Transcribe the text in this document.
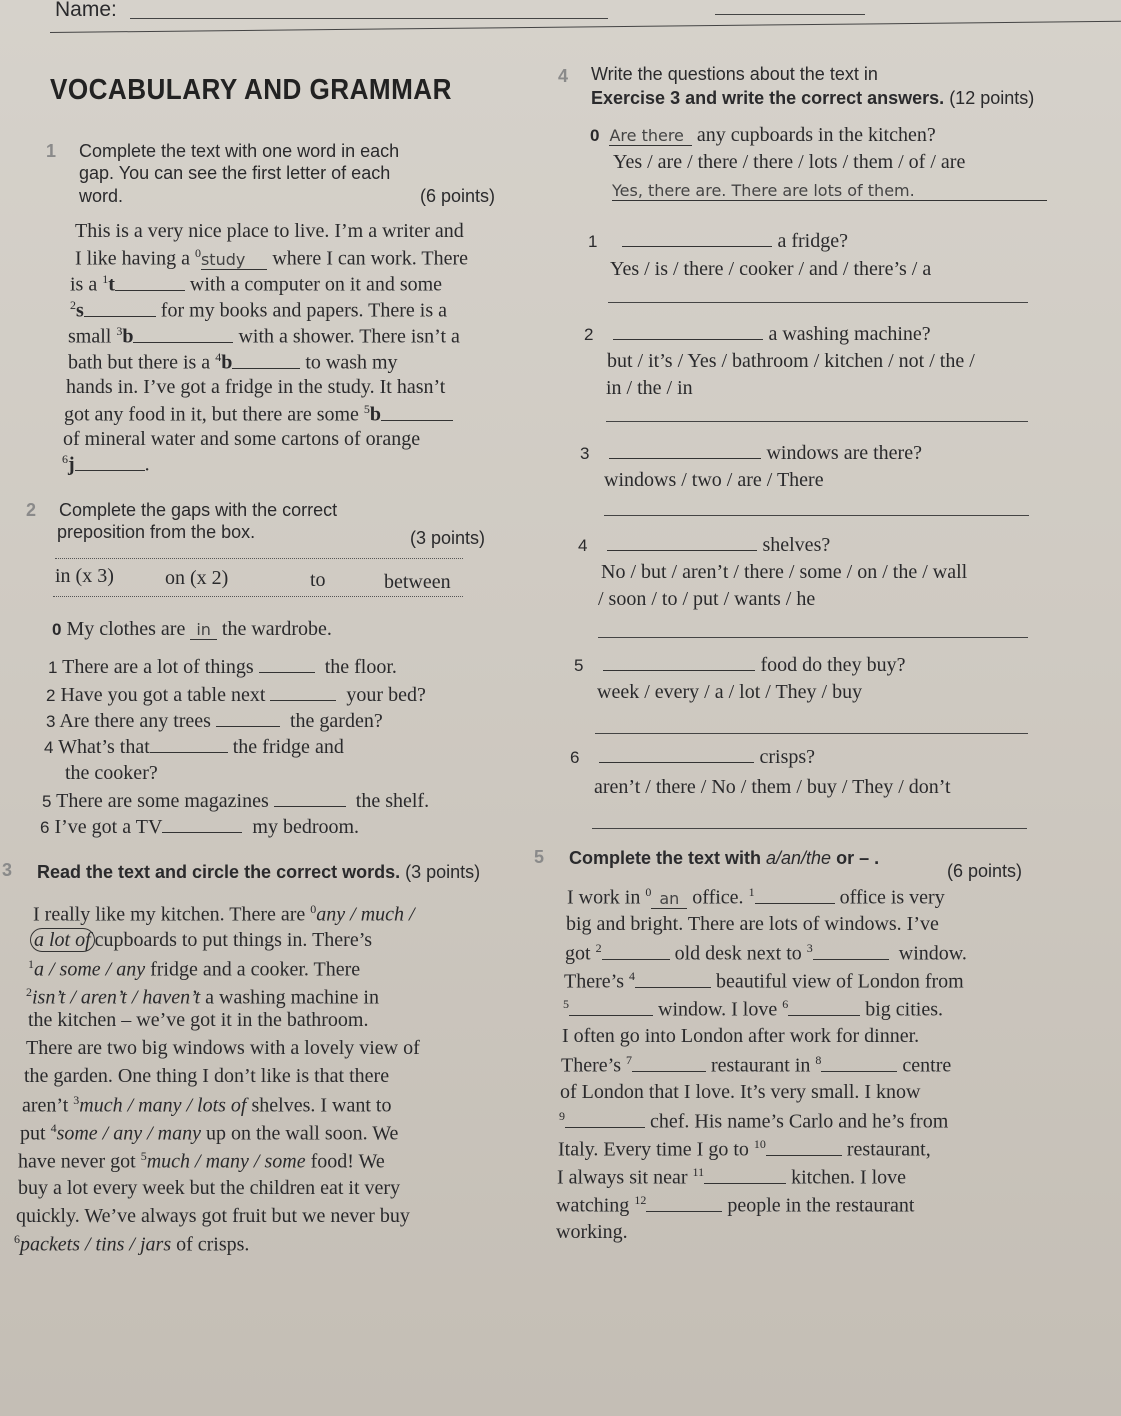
Name:
VOCABULARY AND GRAMMAR
1 Complete the text with one word in each
gap. You can see the first letter of each
word.	(6 points)
This is a very nice place to live. I’m a writer and
I like having a $^0$study where I can work. There
is a $^1$t	with a computer on it and some
$^2$s	for my books and papers. There is a
small $^3$b	with a shower. There isn’t a
bath but there is a $^4$b	to wash my
hands in. I’ve got a fridge in the study. It hasn’t
got any food in it, but there are some $^5$b
of mineral water and some cartons of orange
$^6$j	.
2 Complete the gaps with the correct
preposition from the box.	(3 points)
in (x 3)	on (x 2)	to	between
0 My clothes are in the wardrobe.
1 There are a lot of things	the floor.
2 Have you got a table next	your bed?
3 Are there any trees	the garden?
4 What’s that	the fridge and
the cooker?
5 There are some magazines	the shelf.
6 I’ve got a TV	my bedroom.
3 Read the text and circle the correct words. (3 points)
I really like my kitchen. There are $^0$any / much /
a lot of cupboards to put things in. There’s
$^1$a / some / any fridge and a cooker. There
$^2$isn’t / aren’t / haven’t a washing machine in
the kitchen – we’ve got it in the bathroom.
There are two big windows with a lovely view of
the garden. One thing I don’t like is that there
aren’t $^3$much / many / lots of shelves. I want to
put $^4$some / any / many up on the wall soon. We
have never got $^5$much / many / some food! We
buy a lot every week but the children eat it very
quickly. We’ve always got fruit but we never buy
$^6$packets / tins / jars of crisps.
4 Write the questions about the text in
Exercise 3 and write the correct answers. (12 points)
0 Are there any cupboards in the kitchen?
Yes / are / there / there / lots / them / of / are
Yes, there are. There are lots of them.
1	a fridge?
Yes / is / there / cooker / and / there’s / a
2	a washing machine?
but / it’s / Yes / bathroom / kitchen / not / the /
in / the / in
3	windows are there?
windows / two / are / There
4	shelves?
No / but / aren’t / there / some / on / the / wall
/ soon / to / put / wants / he
5	food do they buy?
week / every / a / lot / They / buy
6	crisps?
aren’t / there / No / them / buy / They / don’t
5 Complete the text with a/an/the or – .
(6 points)
I work in $^0$ an office. $^1$	office is very
big and bright. There are lots of windows. I’ve
got $^2$	old desk next to $^3$	window.
There’s $^4$	beautiful view of London from
$^5$	window. I love $^6$	big cities.
I often go into London after work for dinner.
There’s $^7$	restaurant in $^8$	centre
of London that I love. It’s very small. I know
$^9$	chef. His name’s Carlo and he’s from
Italy. Every time I go to $^{10}$	restaurant,
I always sit near $^{11}$	kitchen. I love
watching $^{12}$	people in the restaurant
working.
